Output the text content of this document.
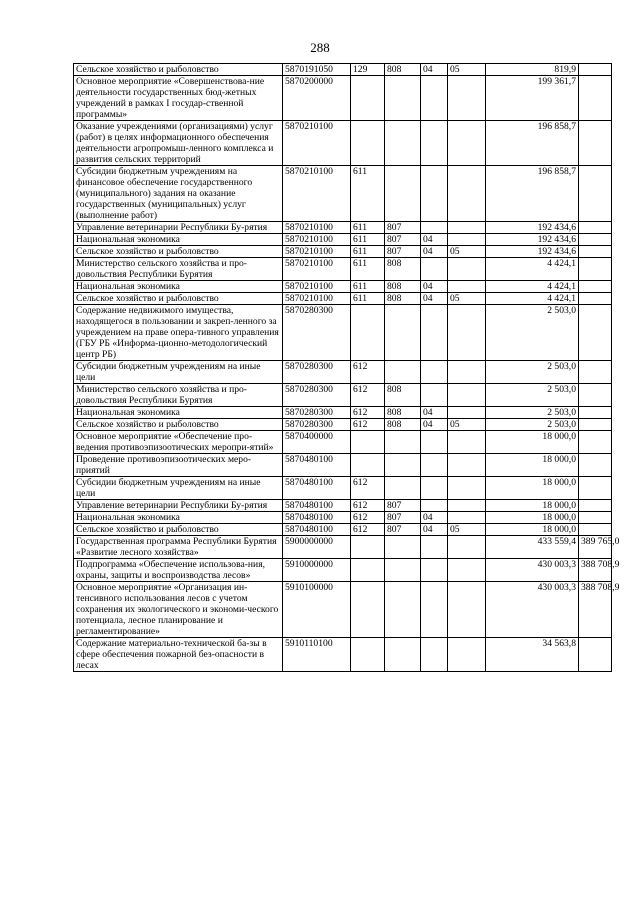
288
Сельское хозяйство и рыболовство	5870191050	129	808	04	05	819,9	
Основное мероприятие «Совершенствова-ние деятельности государственных бюд-жетных учреждений в рамках I государ-ственной программы»	5870200000					199 361,7	
Оказание учреждениями (организациями) услуг (работ) в целях информационного обеспечения деятельности агропромыш-ленного комплекса и развития сельских территорий	5870210100					196 858,7	
Субсидии бюджетным учреждениям на финансовое обеспечение государственного (муниципального) задания на оказание государственных (муниципальных) услуг (выполнение работ)	5870210100	611				196 858,7	
Управление ветеринарии Республики Бу-рятия	5870210100	611	807			192 434,6	
Национальная экономика	5870210100	611	807	04		192 434,6	
Сельское хозяйство и рыболовство	5870210100	611	807	04	05	192 434,6	
Министерство сельского хозяйства и про-довольствия Республики Бурятия	5870210100	611	808			4 424,1	
Национальная экономика	5870210100	611	808	04		4 424,1	
Сельское хозяйство и рыболовство	5870210100	611	808	04	05	4 424,1	
Содержание недвижимого имущества, находящегося в пользовании и закреп-ленного за учреждением на праве опера-тивного управления (ГБУ РБ «Информа-ционно-методологический центр РБ)	5870280300					2 503,0	
Субсидии бюджетным учреждениям на иные цели	5870280300	612				2 503,0	
Министерство сельского хозяйства и про-довольствия Республики Бурятия	5870280300	612	808			2 503,0	
Национальная экономика	5870280300	612	808	04		2 503,0	
Сельское хозяйство и рыболовство	5870280300	612	808	04	05	2 503,0	
Основное мероприятие «Обеспечение про-ведения противоэпизоотических меропри-ятий»	5870400000					18 000,0	
Проведение противоэпизоотических меро-приятий	5870480100					18 000,0	
Субсидии бюджетным учреждениям на иные цели	5870480100	612				18 000,0	
Управление ветеринарии Республики Бу-рятия	5870480100	612	807			18 000,0	
Национальная экономика	5870480100	612	807	04		18 000,0	
Сельское хозяйство и рыболовство	5870480100	612	807	04	05	18 000,0	
Государственная программа Республики Бурятия «Развитие лесного хозяйства»	5900000000					433 559,4	389 765,0
Подпрограмма «Обеспечение использова-ния, охраны, защиты и воспроизводства лесов»	5910000000					430 003,3	388 708,9
Основное мероприятие «Организация ин-тенсивного использования лесов с учетом сохранения их экологического и экономи-ческого потенциала, лесное планирование и регламентирование»	5910100000					430 003,3	388 708,9
Содержание материально-технической ба-зы в сфере обеспечения пожарной без-опасности в лесах	5910110100					34 563,8	
